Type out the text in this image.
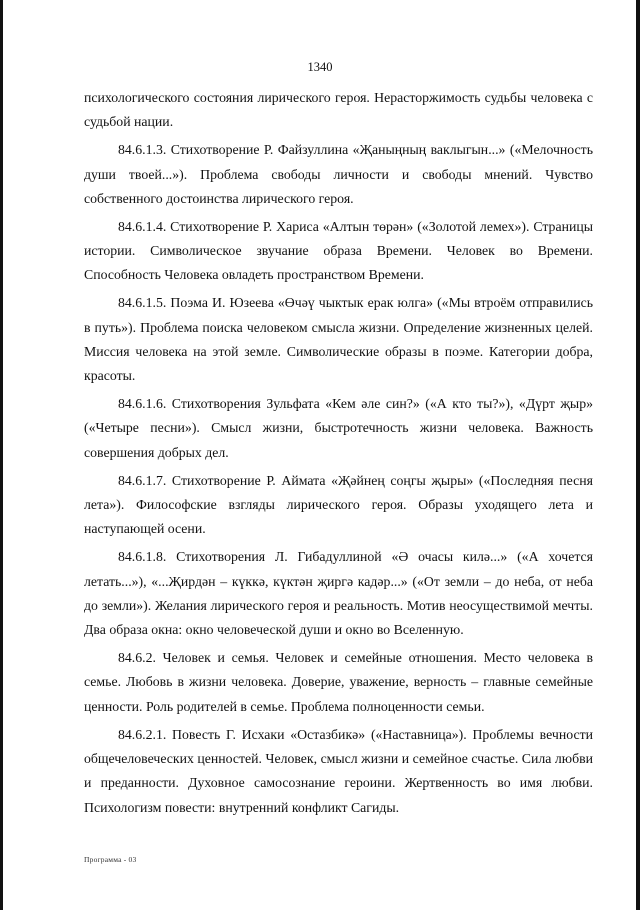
1340

психологического состояния лирического героя. Нерасторжимость судьбы человека с судьбой нации.

84.6.1.3. Стихотворение Р. Файзуллина «Җаныңның ваклыгын...» («Мелочность души твоей...»). Проблема свободы личности и свободы мнений. Чувство собственного достоинства лирического героя.

84.6.1.4. Стихотворение Р. Хариса «Алтын төрән» («Золотой лемех»). Страницы истории. Символическое звучание образа Времени. Человек во Времени. Способность Человека овладеть пространством Времени.

84.6.1.5. Поэма И. Юзеева «Өчәү чыктык ерак юлга» («Мы втроём отправились в путь»). Проблема поиска человеком смысла жизни. Определение жизненных целей. Миссия человека на этой земле. Символические образы в поэме. Категории добра, красоты.

84.6.1.6. Стихотворения Зульфата «Кем әле син?» («А кто ты?»), «Дүрт җыр» («Четыре песни»). Смысл жизни, быстротечность жизни человека. Важность совершения добрых дел.

84.6.1.7. Стихотворение Р. Аймата «Җәйнең соңгы җыры» («Последняя песня лета»). Философские взгляды лирического героя. Образы уходящего лета и наступающей осени.

84.6.1.8. Стихотворения Л. Гибадуллиной «Ә очасы килә...» («А хочется летать...»), «...Җирдән – күккә, күктән җиргә кадәр...» («От земли – до неба, от неба до земли»). Желания лирического героя и реальность. Мотив неосуществимой мечты. Два образа окна: окно человеческой души и окно во Вселенную.

84.6.2. Человек и семья. Человек и семейные отношения. Место человека в семье. Любовь в жизни человека. Доверие, уважение, верность – главные семейные ценности. Роль родителей в семье. Проблема полноценности семьи.

84.6.2.1. Повесть Г. Исхаки «Остазбикә» («Наставница»). Проблемы вечности общечеловеческих ценностей. Человек, смысл жизни и семейное счастье. Сила любви и преданности. Духовное самосознание героини. Жертвенность во имя любви. Психологизм повести: внутренний конфликт Сагиды.

Программа - 03
